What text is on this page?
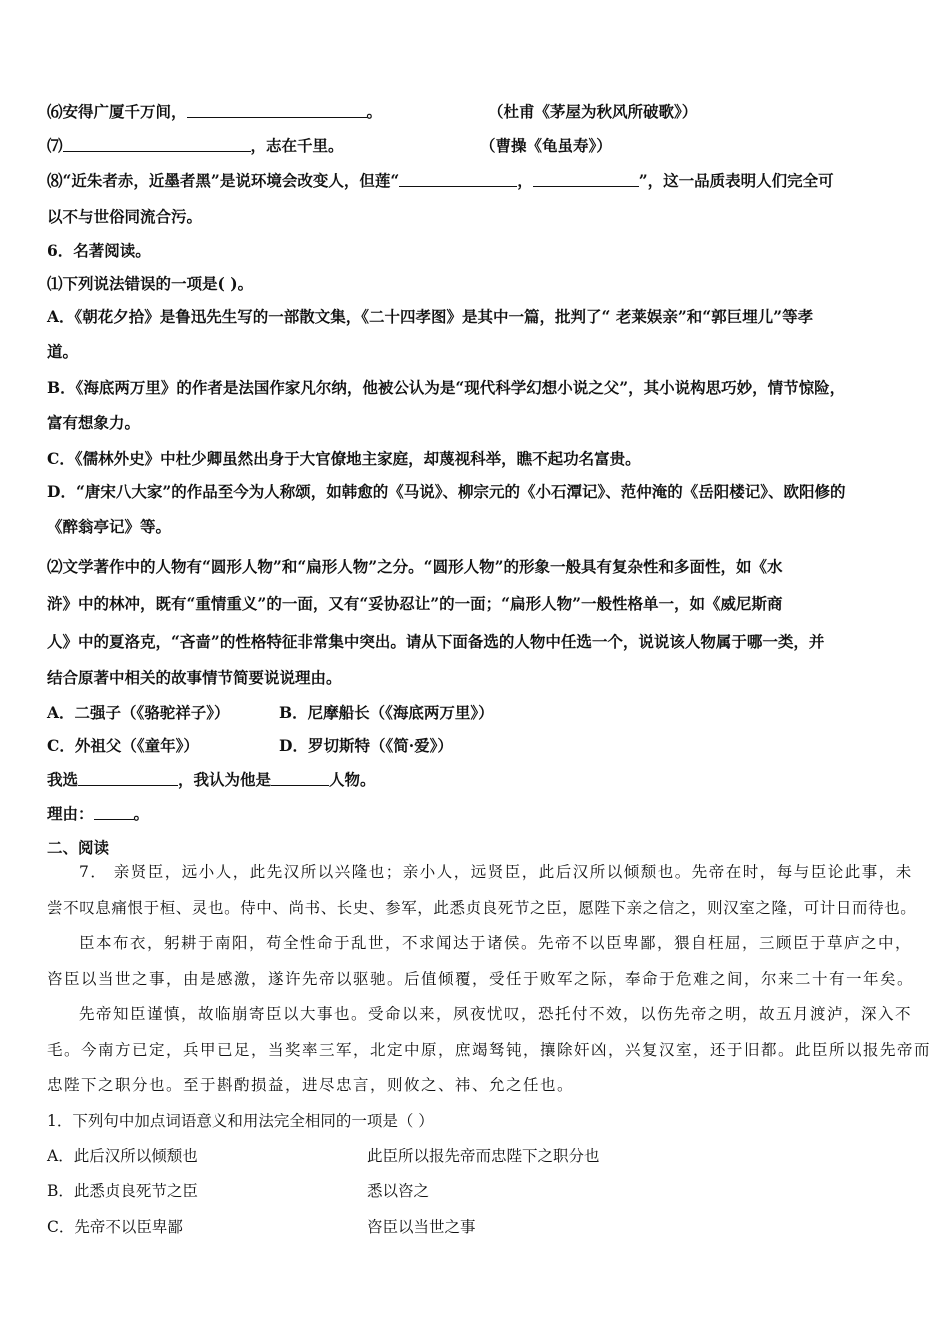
⑹安得广厦千万间，	。	（杜甫《茅屋为秋风所破歌》）
⑺	，志在千里。	（曹操《龟虽寿》）
⑻“近朱者赤，近墨者黑”是说环境会改变人，但莲“	，	”，这一品质表明人们完全可
以不与世俗同流合污。
6．名著阅读。
⑴下列说法错误的一项是( )。
A．《朝花夕拾》是鲁迅先生写的一部散文集，《二十四孝图》是其中一篇，批判了“ 老莱娱亲”和“郭巨埋儿”等孝
道。
B．《海底两万里》的作者是法国作家凡尔纳，他被公认为是“现代科学幻想小说之父”，其小说构思巧妙，情节惊险，
富有想象力。
C．《儒林外史》中杜少卿虽然出身于大官僚地主家庭，却蔑视科举，瞧不起功名富贵。
D．“唐宋八大家”的作品至今为人称颂，如韩愈的《马说》、柳宗元的《小石潭记》、范仲淹的《岳阳楼记》、欧阳修的
《醉翁亭记》等。
⑵文学著作中的人物有“圆形人物”和“扁形人物”之分。“圆形人物”的形象一般具有复杂性和多面性，如《水
浒》中的林冲，既有“重情重义”的一面，又有“妥协忍让”的一面；“扁形人物”一般性格单一，如《威尼斯商
人》中的夏洛克，“吝啬”的性格特征非常集中突出。请从下面备选的人物中任选一个，说说该人物属于哪一类，并
结合原著中相关的故事情节简要说说理由。
A．二强子（《骆驼祥子》）	B．尼摩船长（《海底两万里》）
C．外祖父（《童年》）	D．罗切斯特（《简·爱》）
我选	，我认为他是	人物。
理由：	。
二、阅读
7． 亲贤臣，远小人，此先汉所以兴隆也；亲小人，远贤臣，此后汉所以倾颓也。先帝在时，每与臣论此事，未
尝不叹息痛恨于桓、灵也。侍中、尚书、长史、参军，此悉贞良死节之臣，愿陛下亲之信之，则汉室之隆，可计日而待也。
臣本布衣，躬耕于南阳，苟全性命于乱世，不求闻达于诸侯。先帝不以臣卑鄙，猥自枉屈，三顾臣于草庐之中，
咨臣以当世之事，由是感激，遂许先帝以驱驰。后值倾覆，受任于败军之际，奉命于危难之间，尔来二十有一年矣。
先帝知臣谨慎，故临崩寄臣以大事也。受命以来，夙夜忧叹，恐托付不效，以伤先帝之明，故五月渡泸，深入不
毛。今南方已定，兵甲已足，当奖率三军，北定中原，庶竭驽钝，攘除奸凶，兴复汉室，还于旧都。此臣所以报先帝而
忠陛下之职分也。至于斟酌损益，进尽忠言，则攸之、祎、允之任也。
1．下列句中加点词语意义和用法完全相同的一项是（ ）
A．此后汉所以倾颓也	此臣所以报先帝而忠陛下之职分也
B．此悉贞良死节之臣	悉以咨之
C．先帝不以臣卑鄙	咨臣以当世之事
